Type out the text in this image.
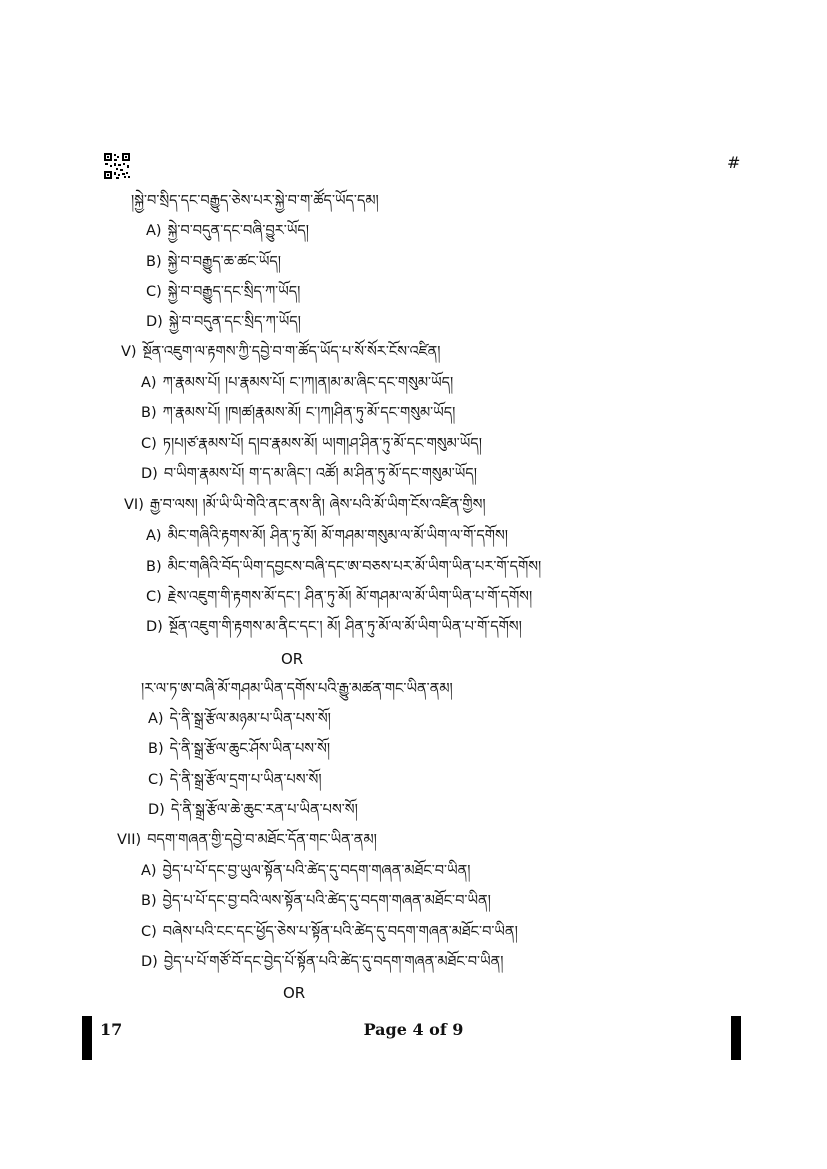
#
།སྐྱེ་བ་སྲིད་དང་བརྒྱུད་ཅེས་པར་སྐྱེ་བ་ག་ཚོད་ཡོད་དམ།
A) སྐྱེ་བ་བདུན་དང་བཞི་བྱུར་ཡོད།
B) སྐྱེ་བ་བརྒྱུད་ཆ་ཚང་ཡོད།
C) སྐྱེ་བ་བརྒྱུད་དང་སྲིད་ཀ་ཡོད།
D) སྐྱེ་བ་བདུན་དང་སྲིད་ཀ་ཡོད།
V) སྔོན་འཇུག་ལ་རྟགས་ཀྱི་དབྱེ་བ་ག་ཚོད་ཡོད་པ་སོ་སོར་ངོས་འཛིན།
A) ཀ་རྣམས་པོ། །པ་རྣམས་པོ། ང་།ཀ།ན།མ་མ་ཞིང་དང་གསུམ་ཡོད།
B) ཀ་རྣམས་པོ། །ཁ།ཚ།རྣམས་མོ། ང་།ཀ།ཤིན་ཏུ་མོ་དང་གསུམ་ཡོད།
C) ཏ།པ།ཙ་རྣམས་པོ། ད།བ་རྣམས་མོ། ཡ།ག།ཤ་ཤིན་ཏུ་མོ་དང་གསུམ་ཡོད།
D) བ་ཡིག་རྣམས་པོ། ག་ད་མ་ཞིང་། འཚོ། མ་ཤིན་ཏུ་མོ་དང་གསུམ་ཡོད།
VI) རྒྱ་བ་ལས། །མོ་ཡི་ཡི་གེའི་ནང་ནས་ནི། ཞེས་པའི་མོ་ཡིག་ངོས་འཛིན་གྱིས།
A) མིང་གཞིའི་རྟགས་མོ། ཤིན་ཏུ་མོ། མོ་གཤམ་གསུམ་ལ་མོ་ཡིག་ལ་གོ་དགོས།
B) མིང་གཞིའི་བོད་ཡིག་དབྱངས་བཞི་དང་ཨ་བཅས་པར་མོ་ཡིག་ཡིན་པར་གོ་དགོས།
C) རྗེས་འཇུག་གི་རྟགས་མོ་དང་། ཤིན་ཏུ་མོ། མོ་གཤམ་ལ་མོ་ཡིག་ཡིན་པ་གོ་དགོས།
D) སྔོན་འཇུག་གི་རྟགས་མ་ནིང་དང་། མོ། ཤིན་ཏུ་མོ་ལ་མོ་ཡིག་ཡིན་པ་གོ་དགོས།
OR
།ར་ལ་ཏ་ཨ་བཞི་མོ་གཤམ་ཡིན་དགོས་པའི་རྒྱུ་མཚན་གང་ཡིན་ནམ།
A) དེ་ནི་སྒྲ་རྩོལ་མཉམ་པ་ཡིན་པས་སོ།
B) དེ་ནི་སྒྲ་རྩོལ་ཆུང་ཤོས་ཡིན་པས་སོ།
C) དེ་ནི་སྒྲ་རྩོལ་དྲག་པ་ཡིན་པས་སོ།
D) དེ་ནི་སྒྲ་རྩོལ་ཆེ་ཆུང་རན་པ་ཡིན་པས་སོ།
VII) བདག་གཞན་གྱི་དབྱེ་བ་མཐོང་དོན་གང་ཡིན་ནམ།
A) བྱེད་པ་པོ་དང་བྱ་ཡུལ་སྟོན་པའི་ཚེད་དུ་བདག་གཞན་མཐོང་བ་ཡིན།
B) བྱེད་པ་པོ་དང་བྱ་བའི་ལས་སྟོན་པའི་ཚེད་དུ་བདག་གཞན་མཐོང་བ་ཡིན།
C) བཞེས་པའི་ངང་དང་ཕྱོད་ཅེས་པ་སྟོན་པའི་ཚེད་དུ་བདག་གཞན་མཐོང་བ་ཡིན།
D) བྱེད་པ་པོ་གཙོ་བོ་དང་བྱེད་པོ་སྟོན་པའི་ཚེད་དུ་བདག་གཞན་མཐོང་བ་ཡིན།
OR
17	Page 4 of 9
